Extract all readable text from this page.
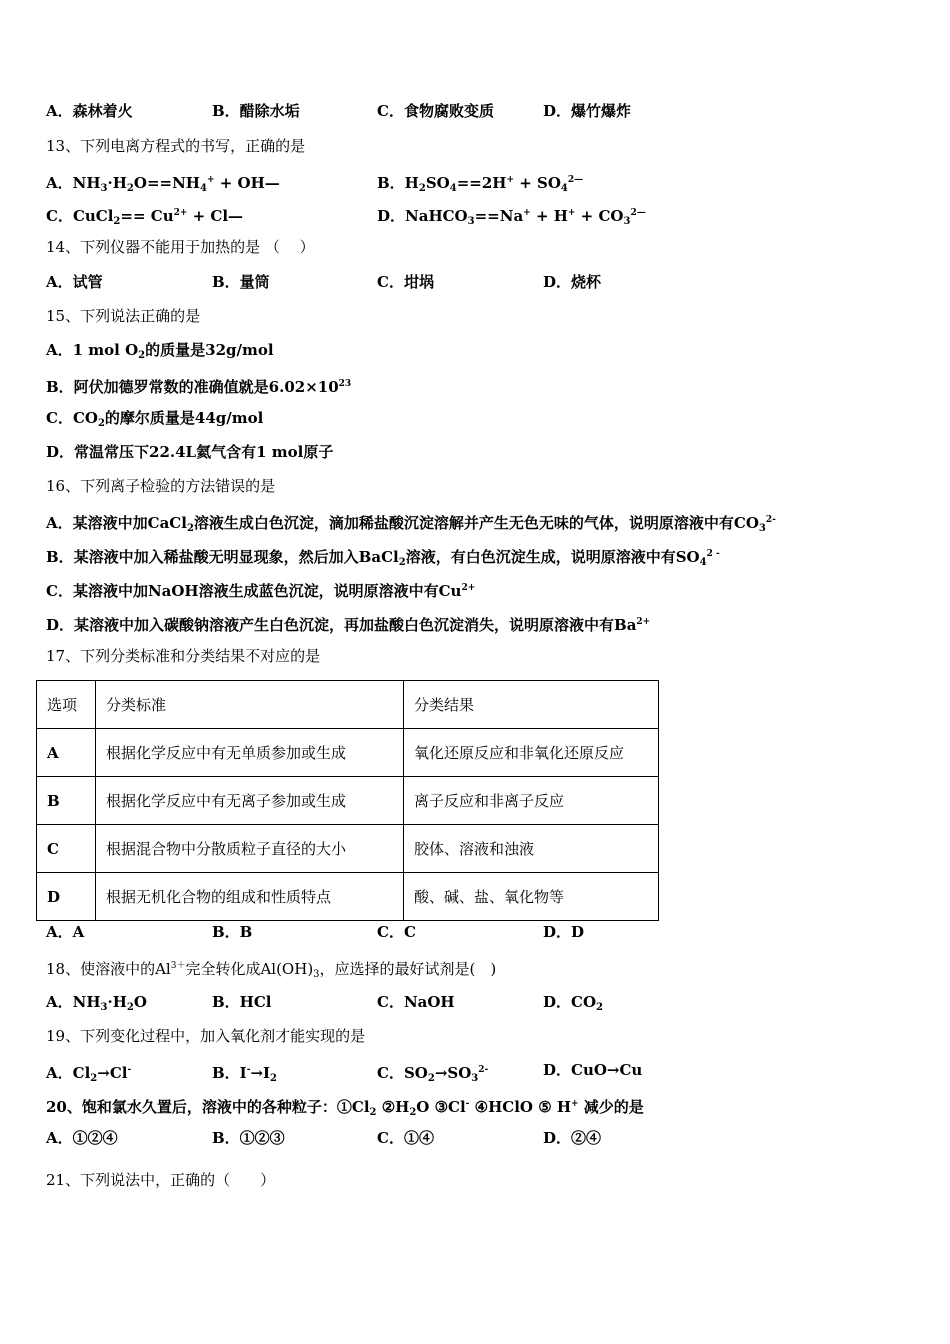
A．森林着火	B．醋除水垢	C．食物腐败变质	D．爆竹爆炸
13、下列电离方程式的书写，正确的是
A．$NH_3\cdot H_2O==NH_4^+$ + OH—	B．$H_2SO_4==2H^+ + SO_4^{2—}$
C．CuCl$_2$== $Cu^{2+}$ + Cl—	D．NaHCO$_3$==Na+ + $H^+ + CO_3^{2—}$
14、下列仪器不能用于加热的是 （　 ）
A．试管	B．量筒	C．坩埚	D．烧杯
15、下列说法正确的是
A．1 mol $O_2$的质量是32g/mol
B．阿伏加德罗常数的准确值就是$6.02\times 10^{23}$
C．$CO_2$的摩尔质量是44g/mol
D．常温常压下22.4L氦气含有1 mol原子
16、下列离子检验的方法错误的是
A．某溶液中加CaCl$_2$溶液生成白色沉淀，滴加稀盐酸沉淀溶解并产生无色无味的气体，说明原溶液中有$CO_3^{2-}$
B．某溶液中加入稀盐酸无明显现象，然后加入BaCl$_2$溶液，有白色沉淀生成，说明原溶液中有$SO_4^{2 -}$
C．某溶液中加NaOH溶液生成蓝色沉淀，说明原溶液中有$Cu^{2+}$
D．某溶液中加入碳酸钠溶液产生白色沉淀，再加盐酸白色沉淀消失，说明原溶液中有$Ba^{2+}$
17、下列分类标准和分类结果不对应的是
选项	分类标准	分类结果
A	根据化学反应中有无单质参加或生成	氧化还原反应和非氧化还原反应
B	根据化学反应中有无离子参加或生成	离子反应和非离子反应
C	根据混合物中分散质粒子直径的大小	胶体、溶液和浊液
D	根据无机化合物的组成和性质特点	酸、碱、盐、氧化物等
A．A	B．B	C．C	D．D
18、使溶液中的$Al^{3+}$完全转化成$Al(OH)_3$，应选择的最好试剂是(　)
A．$NH_3\cdot H_2O$	B．HCl	C．NaOH	D．$CO_2$
19、下列变化过程中，加入氧化剂才能实现的是
A．$Cl_2\to Cl^-$	B．$I^-\to I_2$	C．$SO_2\to SO_3^{2-}$	D．CuO→Cu
20、饱和氯水久置后，溶液中的各种粒子：$①Cl_2$ $②H_2O$ ③Cl- ④HClO ⑤ H+ 减少的是
A．①②④	B．①②③	C．①④	D．②④
21、下列说法中，正确的（　　）
